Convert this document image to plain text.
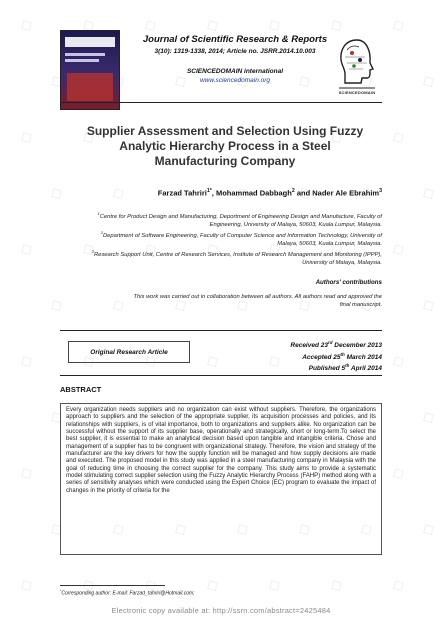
Journal of Scientific Research & Reports
3(10): 1319-1338, 2014; Article no. JSRR.2014.10.003
SCIENCEDOMAIN international
www.sciencedomain.org
SCIENCEDOMAIN
Supplier Assessment and Selection Using Fuzzy Analytic Hierarchy Process in a Steel Manufacturing Company
Farzad Tahriri$^{1*}$, Mohammad Dabbagh$^2$ and Nader Ale Ebrahim$^3$
$^1$Centre for Product Design and Manufacturing, Deportment of Engineering Design and Manufacture, Faculty of Engineering, University of Malaya, 50603, Kuala Lumpur, Malaysia.
$^2$Department of Software Engineering, Faculty of Computer Science and Information Technology, University of Malaya, 50603, Kuala Lumpur, Malaysia.
$^3$Research Support Unit, Centre of Research Services, Institute of Research Management and Monitoring (IPPP), University of Malaya, Malaysia.
Authors' contributions
This work was carried out in collaboration between all authors. All authors read and approved the final manuscript.
Original Research Article
Received 23rd December 2013
Accepted 25th March 2014
Published 5th April 2014
ABSTRACT
Every organization needs suppliers and no organization can exist without suppliers. Therefore, the organizations approach to suppliers and the selection of the appropriate supplier, its acquisition processes and policies, and its relationships with suppliers, is of vital importance, both to organizations and suppliers alike. No organization can be successful without the support of its supplier base, operationally and strategically, short or long-term.To select the best supplier, it is essential to make an analytical decision based upon tangible and intangible criteria. Chose and management of a supplier has to be congruent with organizational strategy. Therefore, the vision and strategy of the manufacturer are the key drivers for how the supply function will be managed and how supply decisions are made and executed. The proposed model in this study was applied in a steel manufacturing company in Malaysia with the goal of reducing time in choosing the correct supplier for the company. This study aims to provide a systematic model stimulating correct supplier selection using the Fuzzy Analytic Hierarchy Process (FAHP) method along with a series of sensitivity analyses which were conducted using the Expert Choice (EC) program to evaluate the impact of changes in the priority of criteria for the
*Corresponding author: E-mail: Farzad_tahriri@Hotmail.com;
Electronic copy available at: http://ssrn.com/abstract=2425484
